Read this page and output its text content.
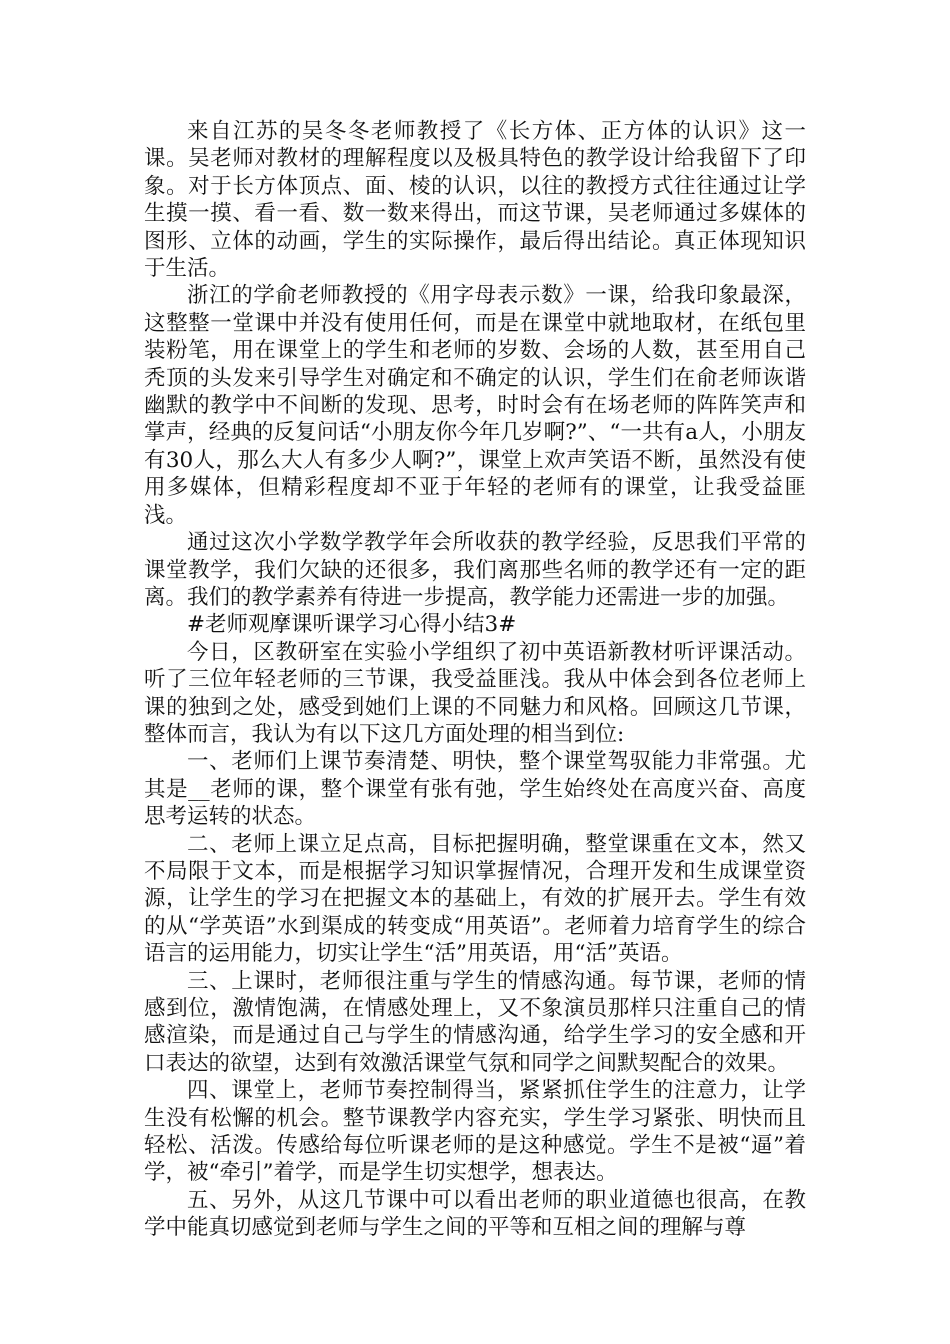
来自江苏的吴冬冬老师教授了《长方体、正方体的认识》这一课。吴老师对教材的理解程度以及极具特色的教学设计给我留下了印象。对于长方体顶点、面、棱的认识，以往的教授方式往往通过让学生摸一摸、看一看、数一数来得出，而这节课，吴老师通过多媒体的图形、立体的动画，学生的实际操作，最后得出结论。真正体现知识于生活。

浙江的学俞老师教授的《用字母表示数》一课，给我印象最深，这整整一堂课中并没有使用任何，而是在课堂中就地取材，在纸包里装粉笔，用在课堂上的学生和老师的岁数、会场的人数，甚至用自己秃顶的头发来引导学生对确定和不确定的认识，学生们在俞老师诙谐幽默的教学中不间断的发现、思考，时时会有在场老师的阵阵笑声和掌声，经典的反复问话“小朋友你今年几岁啊?”、“一共有a人，小朋友有30人，那么大人有多少人啊?”，课堂上欢声笑语不断，虽然没有使用多媒体，但精彩程度却不亚于年轻的老师有的课堂，让我受益匪浅。

通过这次小学数学教学年会所收获的教学经验，反思我们平常的课堂教学，我们欠缺的还很多，我们离那些名师的教学还有一定的距离。我们的教学素养有待进一步提高，教学能力还需进一步的加强。

#老师观摩课听课学习心得小结3#

今日，区教研室在实验小学组织了初中英语新教材听评课活动。听了三位年轻老师的三节课，我受益匪浅。我从中体会到各位老师上课的独到之处，感受到她们上课的不同魅力和风格。回顾这几节课，整体而言，我认为有以下这几方面处理的相当到位:

一、老师们上课节奏清楚、明快，整个课堂驾驭能力非常强。尤其是__老师的课，整个课堂有张有弛，学生始终处在高度兴奋、高度思考运转的状态。

二、老师上课立足点高，目标把握明确，整堂课重在文本，然又不局限于文本，而是根据学习知识掌握情况，合理开发和生成课堂资源，让学生的学习在把握文本的基础上，有效的扩展开去。学生有效的从“学英语”水到渠成的转变成“用英语”。老师着力培育学生的综合语言的运用能力，切实让学生“活”用英语，用“活”英语。

三、上课时，老师很注重与学生的情感沟通。每节课，老师的情感到位，激情饱满，在情感处理上，又不象演员那样只注重自己的情感渲染，而是通过自己与学生的情感沟通，给学生学习的安全感和开口表达的欲望，达到有效激活课堂气氛和同学之间默契配合的效果。

四、课堂上，老师节奏控制得当，紧紧抓住学生的注意力，让学生没有松懈的机会。整节课教学内容充实，学生学习紧张、明快而且轻松、活泼。传感给每位听课老师的是这种感觉。学生不是被“逼”着学，被“牵引”着学，而是学生切实想学，想表达。

五、另外，从这几节课中可以看出老师的职业道德也很高，在教学中能真切感觉到老师与学生之间的平等和互相之间的理解与尊
